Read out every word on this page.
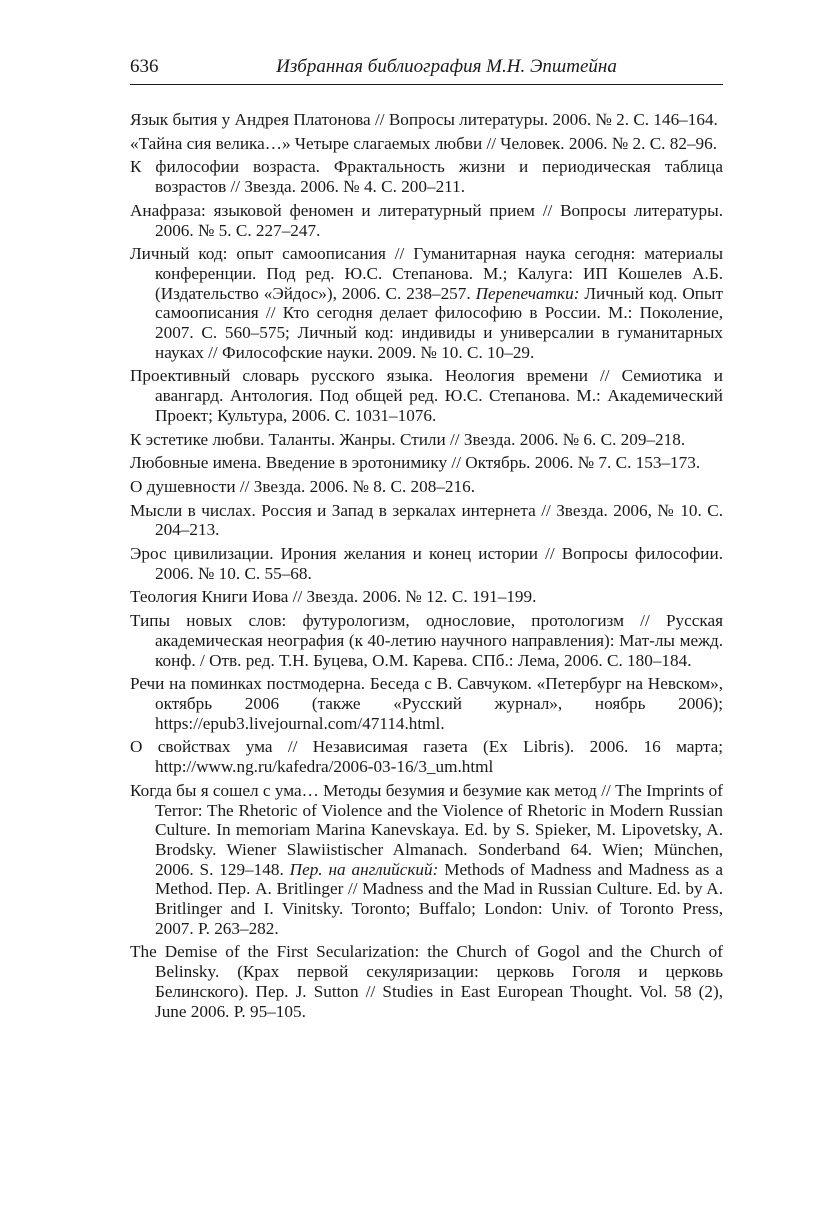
636	Избранная библиография М.Н. Эпштейна
Язык бытия у Андрея Платонова // Вопросы литературы. 2006. № 2. С. 146–164.
«Тайна сия велика…» Четыре слагаемых любви // Человек. 2006. № 2. С. 82–96.
К философии возраста. Фрактальность жизни и периодическая таблица возрастов // Звезда. 2006. № 4. С. 200–211.
Анафраза: языковой феномен и литературный прием // Вопросы литературы. 2006. № 5. С. 227–247.
Личный код: опыт самоописания // Гуманитарная наука сегодня: материалы конференции. Под ред. Ю.С. Степанова. М.; Калуга: ИП Кошелев А.Б. (Издательство «Эйдос»), 2006. С. 238–257. Перепечатки: Личный код. Опыт самоописания // Кто сегодня делает философию в России. М.: Поколение, 2007. С. 560–575; Личный код: индивиды и универсалии в гуманитарных науках // Философские науки. 2009. № 10. С. 10–29.
Проективный словарь русского языка. Неология времени // Семиотика и авангард. Антология. Под общей ред. Ю.С. Степанова. М.: Академический Проект; Культура, 2006. С. 1031–1076.
К эстетике любви. Таланты. Жанры. Стили // Звезда. 2006. № 6. С. 209–218.
Любовные имена. Введение в эротонимику // Октябрь. 2006. № 7. С. 153–173.
О душевности // Звезда. 2006. № 8. С. 208–216.
Мысли в числах. Россия и Запад в зеркалах интернета // Звезда. 2006, № 10. С. 204–213.
Эрос цивилизации. Ирония желания и конец истории // Вопросы философии. 2006. № 10. С. 55–68.
Теология Книги Иова // Звезда. 2006. № 12. С. 191–199.
Типы новых слов: футурологизм, однословие, протологизм // Русская академическая неография (к 40-летию научного направления): Мат-лы межд. конф. / Отв. ред. Т.Н. Буцева, О.М. Карева. СПб.: Лема, 2006. С. 180–184.
Речи на поминках постмодерна. Беседа с В. Савчуком. «Петербург на Невском», октябрь 2006 (также «Русский журнал», ноябрь 2006); https://epub3.livejournal.com/47114.html.
О свойствах ума // Независимая газета (Ex Libris). 2006. 16 марта; http://www.ng.ru/kafedra/2006-03-16/3_um.html
Когда бы я сошел с ума… Методы безумия и безумие как метод // The Imprints of Terror: The Rhetoric of Violence and the Violence of Rhetoric in Modern Russian Culture. In memoriam Marina Kanevskaya. Ed. by S. Spieker, M. Lipovetsky, A. Brodsky. Wiener Slawiistischer Almanach. Sonderband 64. Wien; München, 2006. S. 129–148. Пер. на английский: Methods of Madness and Madness as a Method. Пер. A. Britlinger // Madness and the Mad in Russian Culture. Ed. by A. Britlinger and I. Vinitsky. Toronto; Buffalo; London: Univ. of Toronto Press, 2007. P. 263–282.
The Demise of the First Secularization: the Church of Gogol and the Church of Belinsky. (Крах первой секуляризации: церковь Гоголя и церковь Белинского). Пер. J. Sutton // Studies in East European Thought. Vol. 58 (2), June 2006. P. 95–105.
